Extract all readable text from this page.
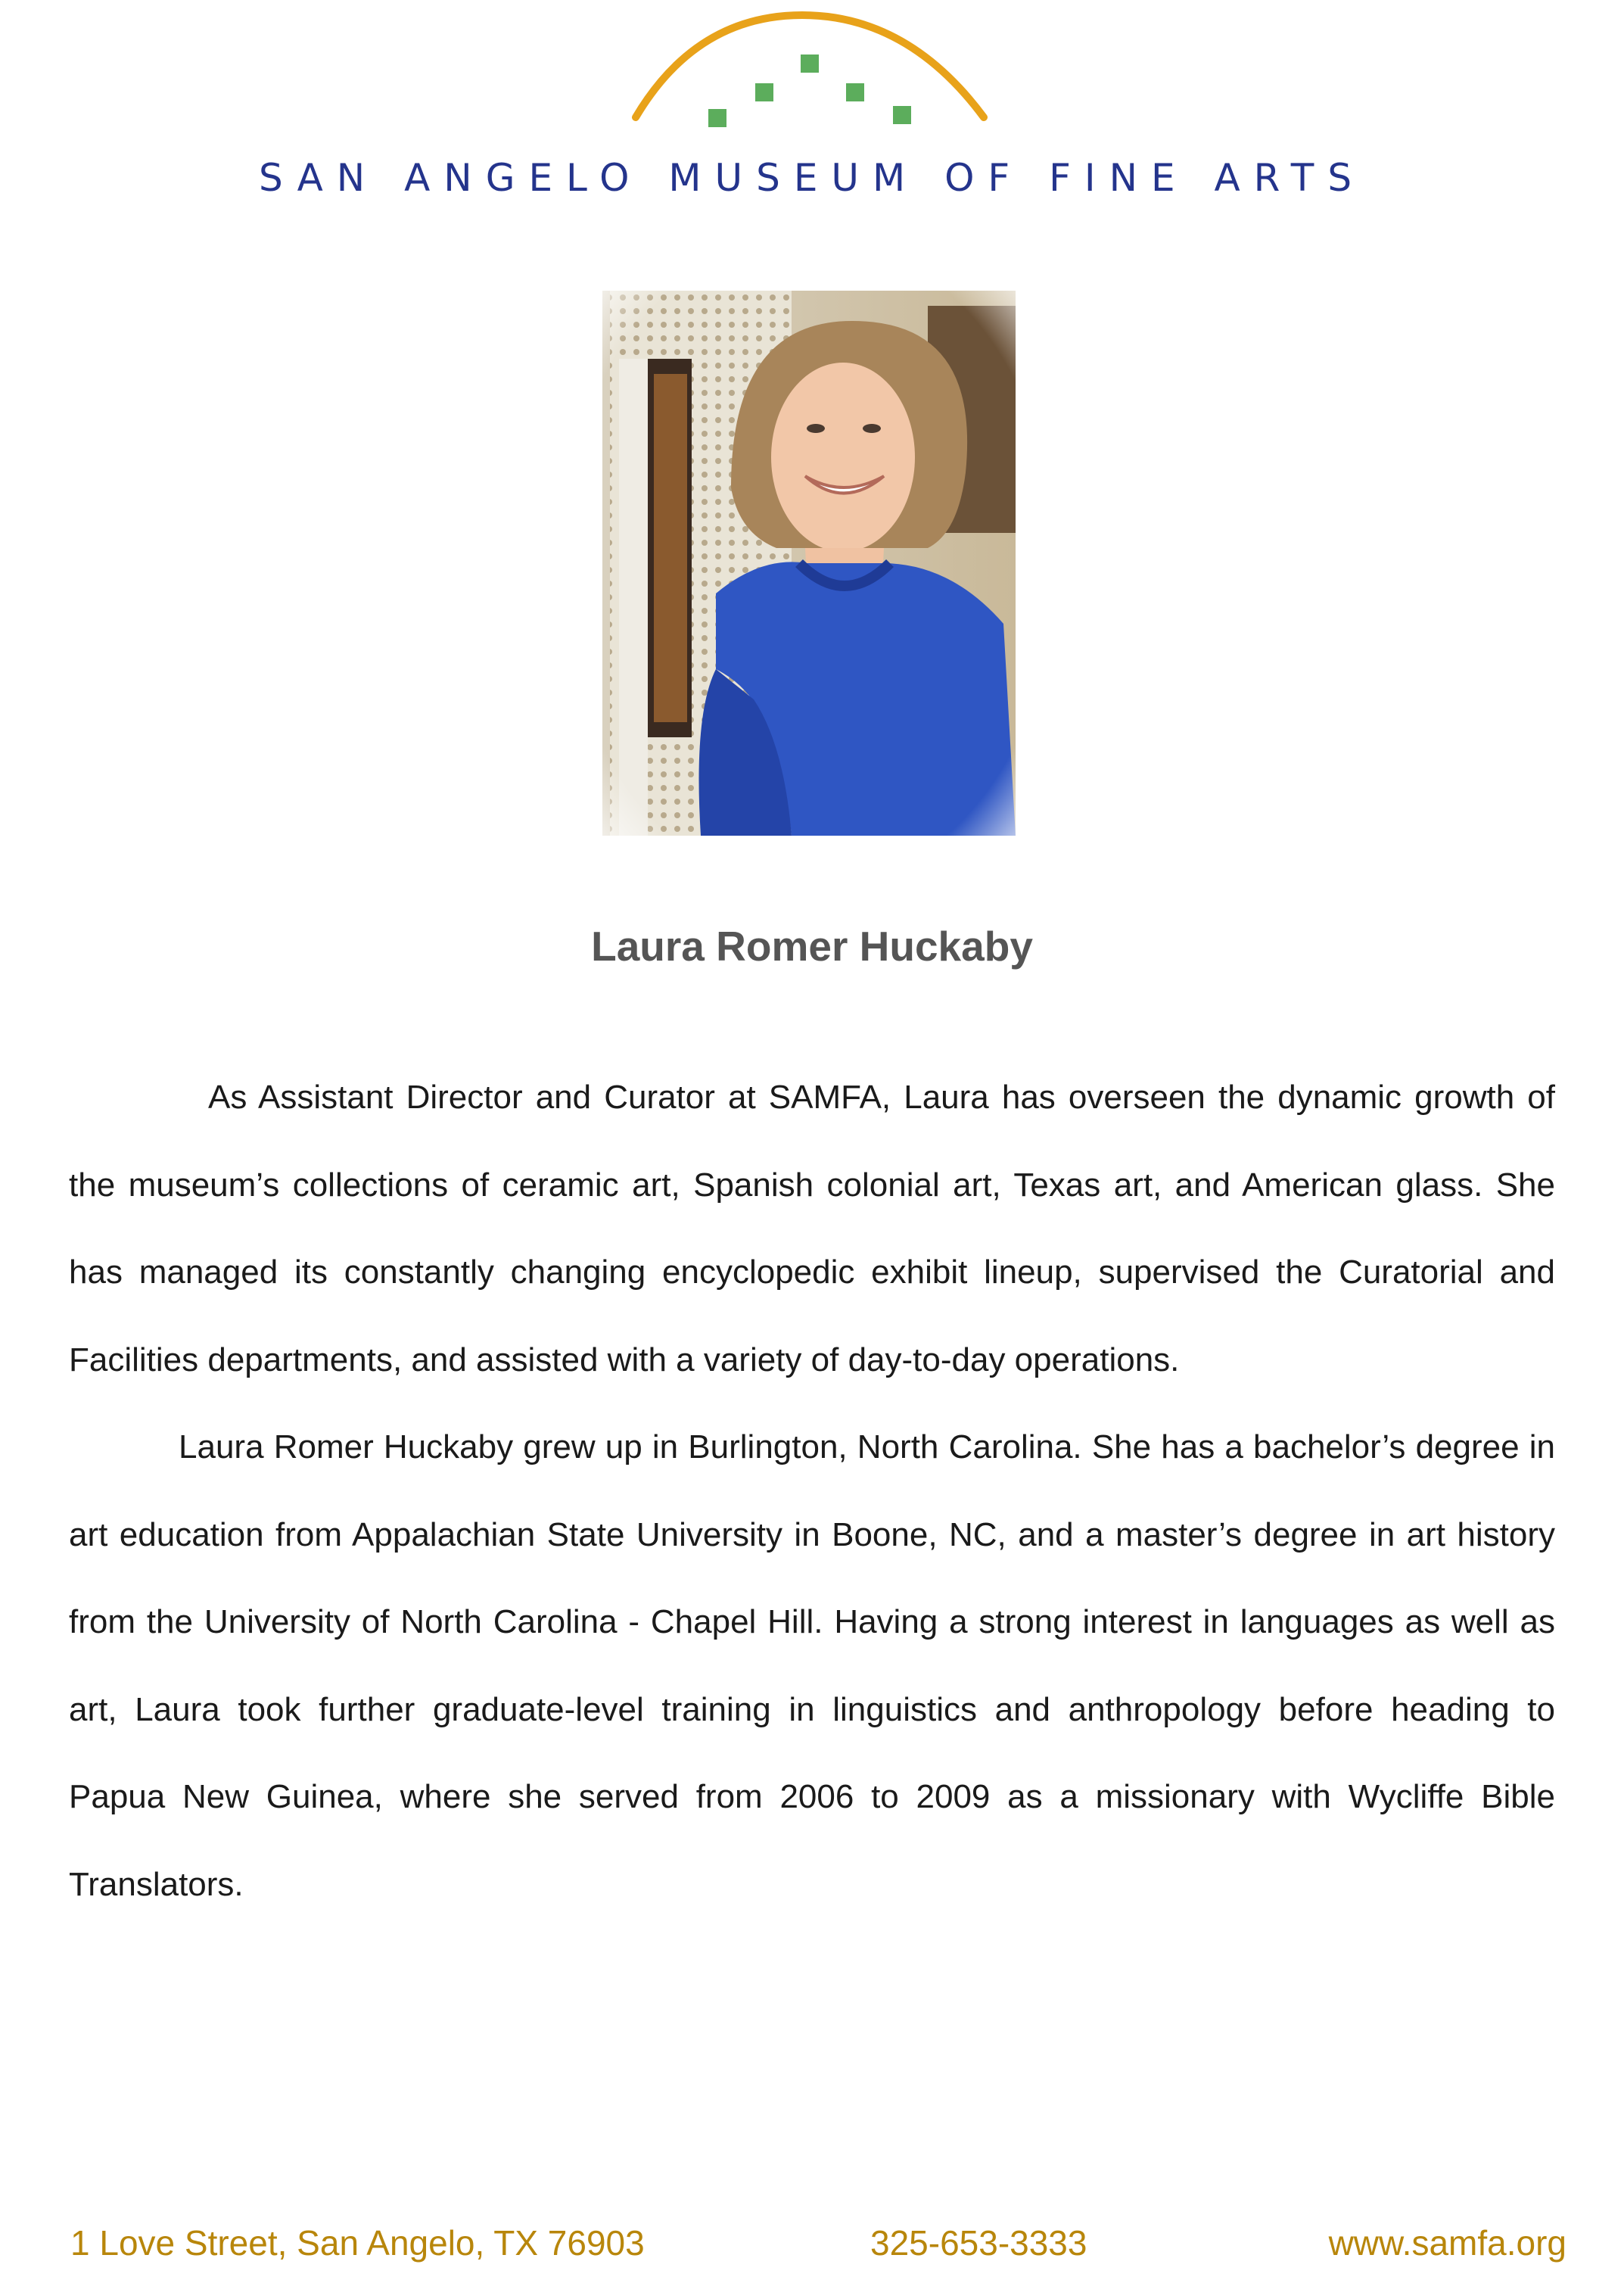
SAN ANGELO MUSEUM OF FINE ARTS
Laura Romer Huckaby

As Assistant Director and Curator at SAMFA, Laura has overseen the dynamic growth of the museum’s collections of ceramic art, Spanish colonial art, Texas art, and American glass. She has managed its constantly changing encyclopedic exhibit lineup, supervised the Curatorial and Facilities departments, and assisted with a variety of day-to-day operations.

Laura Romer Huckaby grew up in Burlington, North Carolina. She has a bachelor’s degree in art education from Appalachian State University in Boone, NC, and a master’s degree in art history from the University of North Carolina - Chapel Hill. Having a strong interest in languages as well as art, Laura took further graduate-level training in linguistics and anthropology before heading to Papua New Guinea, where she served from 2006 to 2009 as a missionary with Wycliffe Bible Translators.

1 Love Street, San Angelo, TX 76903	325-653-3333	www.samfa.org
